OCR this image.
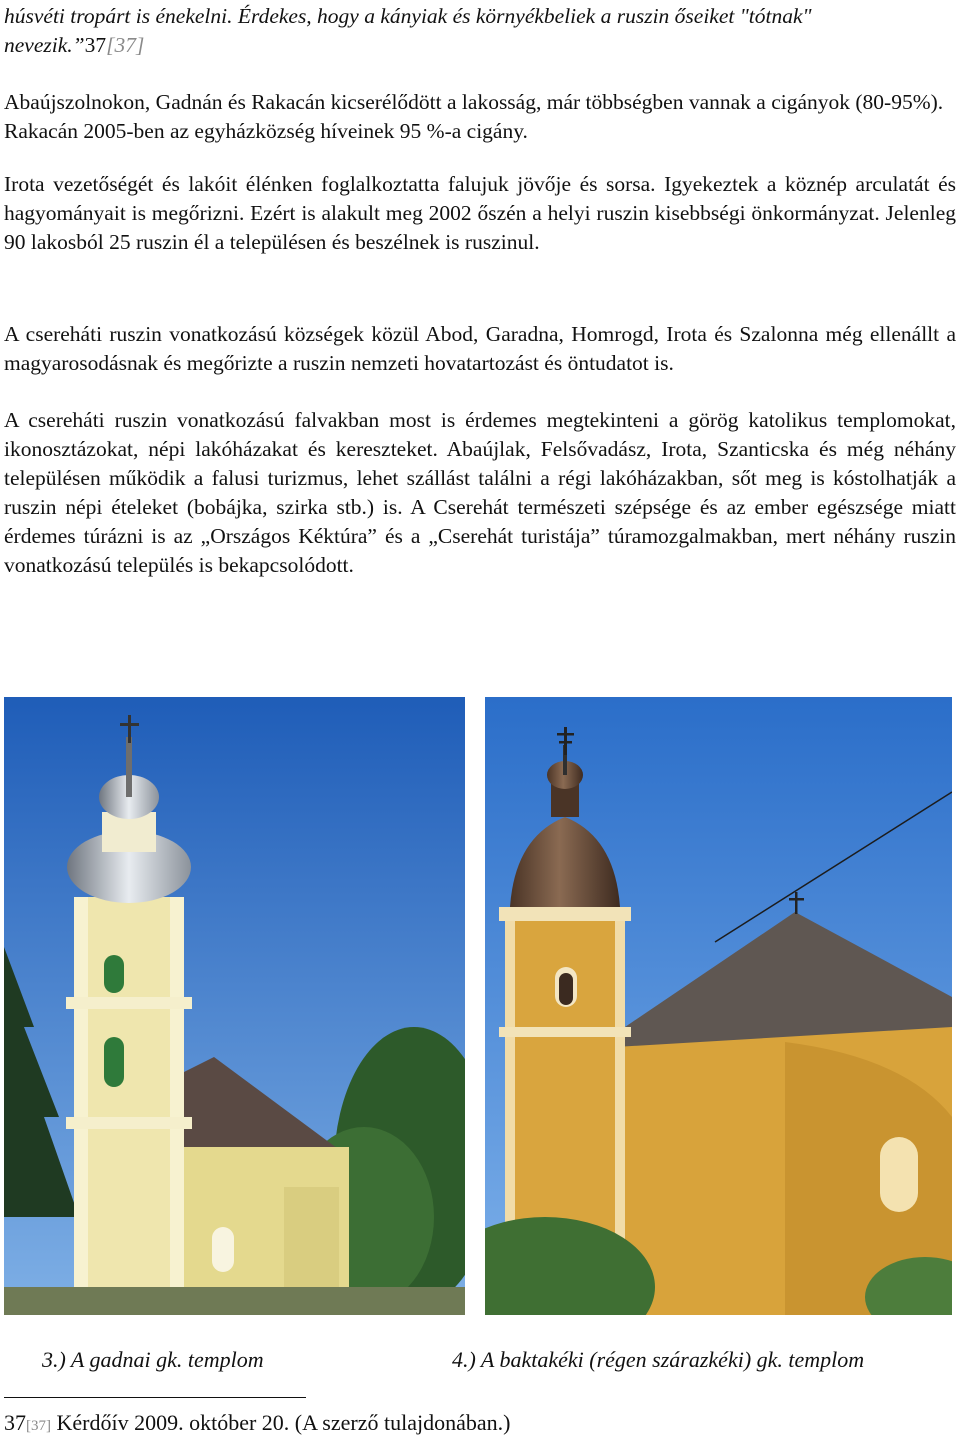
húsvéti tropárt is énekelni. Érdekes, hogy a kányiak és környékbeliek a ruszin őseiket "tótnak" nevezik.”37[37]

Abaújszolnokon, Gadnán és Rakacán kicserélődött a lakosság, már többségben vannak a cigányok (80-95%). Rakacán 2005-ben az egyházközség híveinek 95 %-a cigány.

Irota vezetőségét és lakóit élénken foglalkoztatta falujuk jövője és sorsa. Igyekeztek a köznép arculatát és hagyományait is megőrizni. Ezért is alakult meg 2002 őszén a helyi ruszin kisebbségi önkormányzat. Jelenleg 90 lakosból 25 ruszin él a településen és beszélnek is ruszinul.

A csereháti ruszin vonatkozású községek közül Abod, Garadna, Homrogd, Irota és Szalonna még ellenállt a magyarosodásnak és megőrizte a ruszin nemzeti hovatartozást és öntudatot is.

A csereháti ruszin vonatkozású falvakban most is érdemes megtekinteni a görög katolikus templomokat, ikonosztázokat, népi lakóházakat és kereszteket. Abaújlak, Felsővadász, Irota, Szanticska és még néhány településen működik a falusi turizmus, lehet szállást találni a régi lakóházakban, sőt meg is kóstolhatják a ruszin népi ételeket (bobájka, szirka stb.) is. A Cserehát természeti szépsége és az ember egészsége miatt érdemes túrázni is az „Országos Kéktúra” és a „Cserehát turistája” túramozgalmakban, mert néhány ruszin vonatkozású település is bekapcsolódott.

3.) A gadnai gk. templom	4.) A baktakéki (régen szárazkéki) gk. templom
37[37] Kérdőív 2009. október 20. (A szerző tulajdonában.)
